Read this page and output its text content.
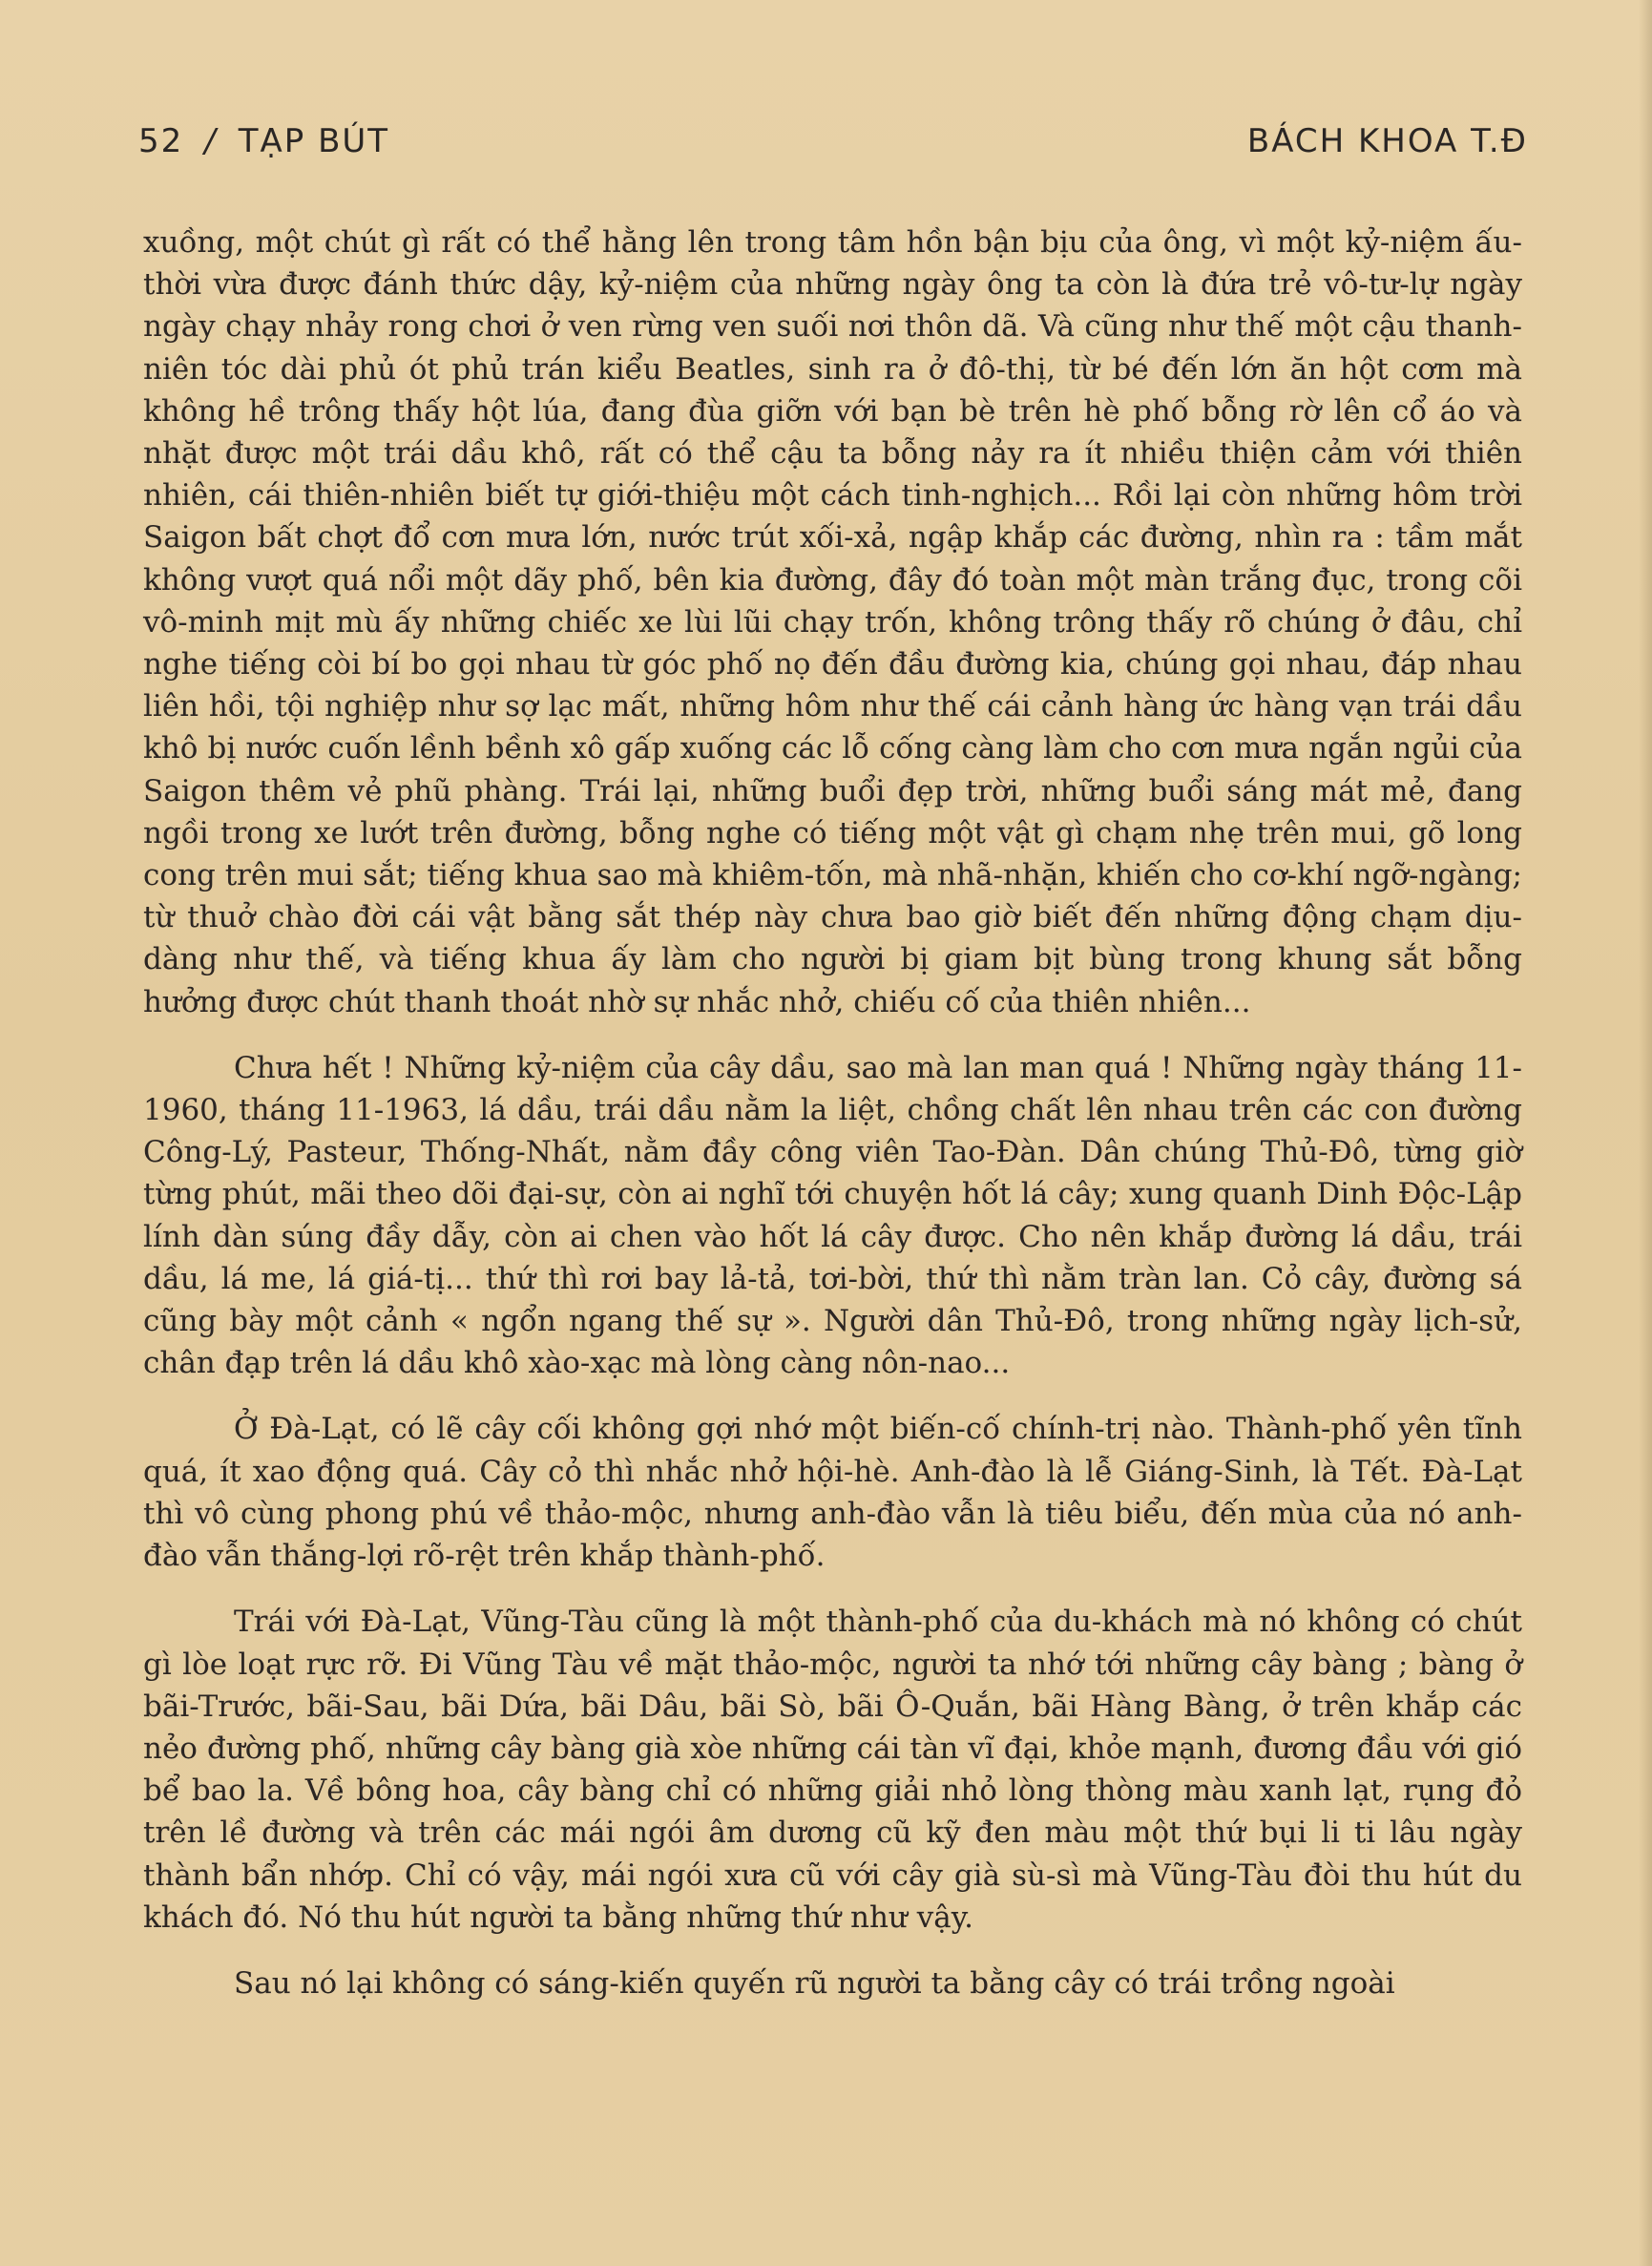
52 / TẠP BÚT	BÁCH KHOA T.Đ

xuồng, một chút gì rất có thể hằng lên trong tâm hồn bận bịu của ông, vì một kỷ-niệm ấu-thời vừa được đánh thức dậy, kỷ-niệm của những ngày ông ta còn là đứa trẻ vô-tư-lự ngày ngày chạy nhảy rong chơi ở ven rừng ven suối nơi thôn dã. Và cũng như thế một cậu thanh-niên tóc dài phủ ót phủ trán kiểu Beatles, sinh ra ở đô-thị, từ bé đến lớn ăn hột cơm mà không hề trông thấy hột lúa, đang đùa giỡn với bạn bè trên hè phố bỗng rờ lên cổ áo và nhặt được một trái dầu khô, rất có thể cậu ta bỗng nảy ra ít nhiều thiện cảm với thiên nhiên, cái thiên-nhiên biết tự giới-thiệu một cách tinh-nghịch... Rồi lại còn những hôm trời Saigon bất chợt đổ cơn mưa lớn, nước trút xối-xả, ngập khắp các đường, nhìn ra : tầm mắt không vượt quá nổi một dãy phố, bên kia đường, đây đó toàn một màn trắng đục, trong cõi vô-minh mịt mù ấy những chiếc xe lùi lũi chạy trốn, không trông thấy rõ chúng ở đâu, chỉ nghe tiếng còi bí bo gọi nhau từ góc phố nọ đến đầu đường kia, chúng gọi nhau, đáp nhau liên hồi, tội nghiệp như sợ lạc mất, những hôm như thế cái cảnh hàng ức hàng vạn trái dầu khô bị nước cuốn lềnh bềnh xô gấp xuống các lỗ cống càng làm cho cơn mưa ngắn ngủi của Saigon thêm vẻ phũ phàng. Trái lại, những buổi đẹp trời, những buổi sáng mát mẻ, đang ngồi trong xe lướt trên đường, bỗng nghe có tiếng một vật gì chạm nhẹ trên mui, gõ long cong trên mui sắt; tiếng khua sao mà khiêm-tốn, mà nhã-nhặn, khiến cho cơ-khí ngỡ-ngàng; từ thuở chào đời cái vật bằng sắt thép này chưa bao giờ biết đến những động chạm dịu-dàng như thế, và tiếng khua ấy làm cho người bị giam bịt bùng trong khung sắt bỗng hưởng được chút thanh thoát nhờ sự nhắc nhở, chiếu cố của thiên nhiên...

Chưa hết ! Những kỷ-niệm của cây dầu, sao mà lan man quá ! Những ngày tháng 11-1960, tháng 11-1963, lá dầu, trái dầu nằm la liệt, chồng chất lên nhau trên các con đường Công-Lý, Pasteur, Thống-Nhất, nằm đầy công viên Tao-Đàn. Dân chúng Thủ-Đô, từng giờ từng phút, mãi theo dõi đại-sự, còn ai nghĩ tới chuyện hốt lá cây; xung quanh Dinh Độc-Lập lính dàn súng đầy dẫy, còn ai chen vào hốt lá cây được. Cho nên khắp đường lá dầu, trái dầu, lá me, lá giá-tị... thứ thì rơi bay lả-tả, tơi-bời, thứ thì nằm tràn lan. Cỏ cây, đường sá cũng bày một cảnh « ngổn ngang thế sự ». Người dân Thủ-Đô, trong những ngày lịch-sử, chân đạp trên lá dầu khô xào-xạc mà lòng càng nôn-nao...

Ở Đà-Lạt, có lẽ cây cối không gợi nhớ một biến-cố chính-trị nào. Thành-phố yên tĩnh quá, ít xao động quá. Cây cỏ thì nhắc nhở hội-hè. Anh-đào là lễ Giáng-Sinh, là Tết. Đà-Lạt thì vô cùng phong phú về thảo-mộc, nhưng anh-đào vẫn là tiêu biểu, đến mùa của nó anh-đào vẫn thắng-lợi rõ-rệt trên khắp thành-phố.

Trái với Đà-Lạt, Vũng-Tàu cũng là một thành-phố của du-khách mà nó không có chút gì lòe loạt rực rỡ. Đi Vũng Tàu về mặt thảo-mộc, người ta nhớ tới những cây bàng ; bàng ở bãi-Trước, bãi-Sau, bãi Dứa, bãi Dâu, bãi Sò, bãi Ô-Quắn, bãi Hàng Bàng, ở trên khắp các nẻo đường phố, những cây bàng già xòe những cái tàn vĩ đại, khỏe mạnh, đương đầu với gió bể bao la. Về bông hoa, cây bàng chỉ có những giải nhỏ lòng thòng màu xanh lạt, rụng đỏ trên lề đường và trên các mái ngói âm dương cũ kỹ đen màu một thứ bụi li ti lâu ngày thành bẩn nhớp. Chỉ có vậy, mái ngói xưa cũ với cây già sù-sì mà Vũng-Tàu đòi thu hút du khách đó. Nó thu hút người ta bằng những thứ như vậy.

Sau nó lại không có sáng-kiến quyến rũ người ta bằng cây có trái trồng ngoài
